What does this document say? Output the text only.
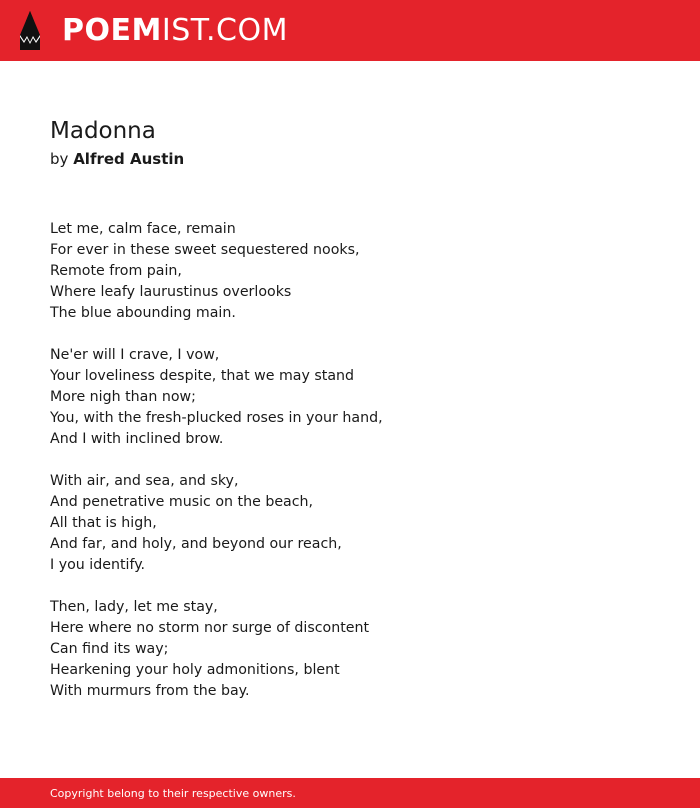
POEMIST.COM
Madonna
by Alfred Austin
Let me, calm face, remain
For ever in these sweet sequestered nooks,
Remote from pain,
Where leafy laurustinus overlooks
The blue abounding main.
Ne'er will I crave, I vow,
Your loveliness despite, that we may stand
More nigh than now;
You, with the fresh-plucked roses in your hand,
And I with inclined brow.
With air, and sea, and sky,
And penetrative music on the beach,
All that is high,
And far, and holy, and beyond our reach,
I you identify.
Then, lady, let me stay,
Here where no storm nor surge of discontent
Can find its way;
Hearkening your holy admonitions, blent
With murmurs from the bay.
Copyright belong to their respective owners.
